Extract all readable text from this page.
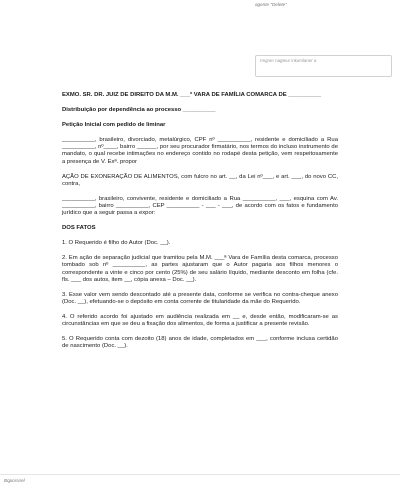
agente "Delete"
rmgner nagteur inkumlaner a

EXMO. SR. DR. JUIZ DE DIREITO DA M.M. ___ª VARA DE FAMÍLIA COMARCA DE __________

Distribuição por dependência ao processo __________

Petição Inicial com pedido de liminar

__________, brasileiro, divorciado, metalúrgico, CPF nº __________, residente e domiciliado a Rua __________, nº____, bairro ______, por seu procurador firmatário, nos termos do incluso instrumento de mandato, o qual recebe intimações no endereço contido no rodapé desta petição, vem respeitosamente a presença de V. Exª. propor

AÇÃO DE EXONERAÇÃO DE ALIMENTOS, com fulcro no art. __, da Lei nº___, e art. ___, do novo CC, contra,

__________, brasileiro, convivente, residente e domiciliado a Rua __________, ___, esquina com Av. __________, bairro __________, CEP __________ - ___ - ___, de acordo com os fatos e fundamento jurídico que a seguir passa a expor:

DOS FATOS

1. O Requerido é filho do Autor (Doc. __).

2. Em ação de separação judicial que tramitou pela M.M. ___ª Vara de Família desta comarca, processo tombado sob nº __________, as partes ajustaram que o Autor pagaria aos filhos menores o correspondente a vinte e cinco por cento (25%) de seu salário líquido, mediante desconto em folha (cfe. fls. ___ dos autos, item __, cópia anexa – Doc. __).

3. Esse valor vem sendo descontado até a presente data, conforme se verifica no contra-cheque anexo (Doc. __), efetuando-se o depósito em conta corrente de titularidade da mãe do Requerido.

4. O referido acordo foi ajustado em audiência realizada em __ e, desde então, modificaram-se as circunstâncias em que se deu a fixação dos alimentos, de forma a justificar a presente revisão.

5. O Requerido conta com dezoito (18) anos de idade, completados em ___, conforme inclusa certidão de nascimento (Doc. __).

Bqporsirel
